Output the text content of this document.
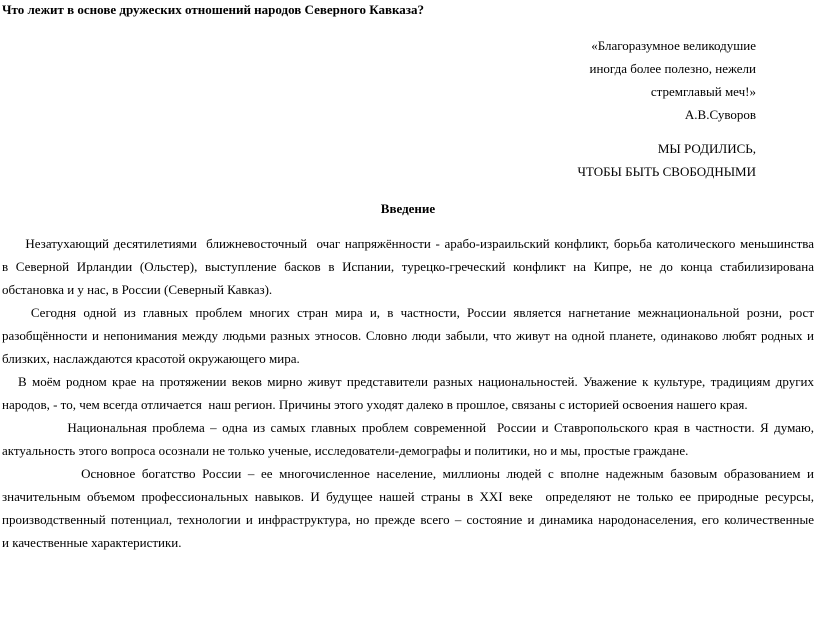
Что лежит в основе дружеских отношений народов Северного Кавказа?
«Благоразумное великодушие
иногда более полезно, нежели
стремглавый меч!»
А.В.Суворов
МЫ РОДИЛИСЬ,
ЧТОБЫ БЫТЬ СВОБОДНЫМИ
Введение
Незатухающий десятилетиями  ближневосточный  очаг напряжённости - арабо-израильский конфликт, борьба католического меньшинства
в Северной Ирландии (Ольстер), выступление басков в Испании, турецко-греческий конфликт на Кипре, не до конца стабилизирована
обстановка и у нас, в России (Северный Кавказ).
Сегодня одной из главных проблем многих стран мира и, в частности, России является нагнетание межнациональной розни, рост
разобщённости и непонимания между людьми разных этносов. Словно люди забыли, что живут на одной планете, одинаково любят родных и
близких, наслаждаются красотой окружающего мира.
В моём родном крае на протяжении веков мирно живут представители разных национальностей. Уважение к культуре, традициям других
народов, - то, чем всегда отличается  наш регион. Причины этого уходят далеко в прошлое, связаны с историей освоения нашего края.
Национальная проблема – одна из самых главных проблем современной  России и Ставропольского края в частности. Я думаю,
актуальность этого вопроса осознали не только ученые, исследователи-демографы и политики, но и мы, простые граждане.
Основное богатство России – ее многочисленное население, миллионы людей с вполне надежным базовым образованием и
значительным объемом профессиональных навыков. И будущее нашей страны в XXI веке  определяют не только ее природные ресурсы,
производственный потенциал, технологии и инфраструктура, но прежде всего – состояние и динамика народонаселения, его количественные
и качественные характеристики.
